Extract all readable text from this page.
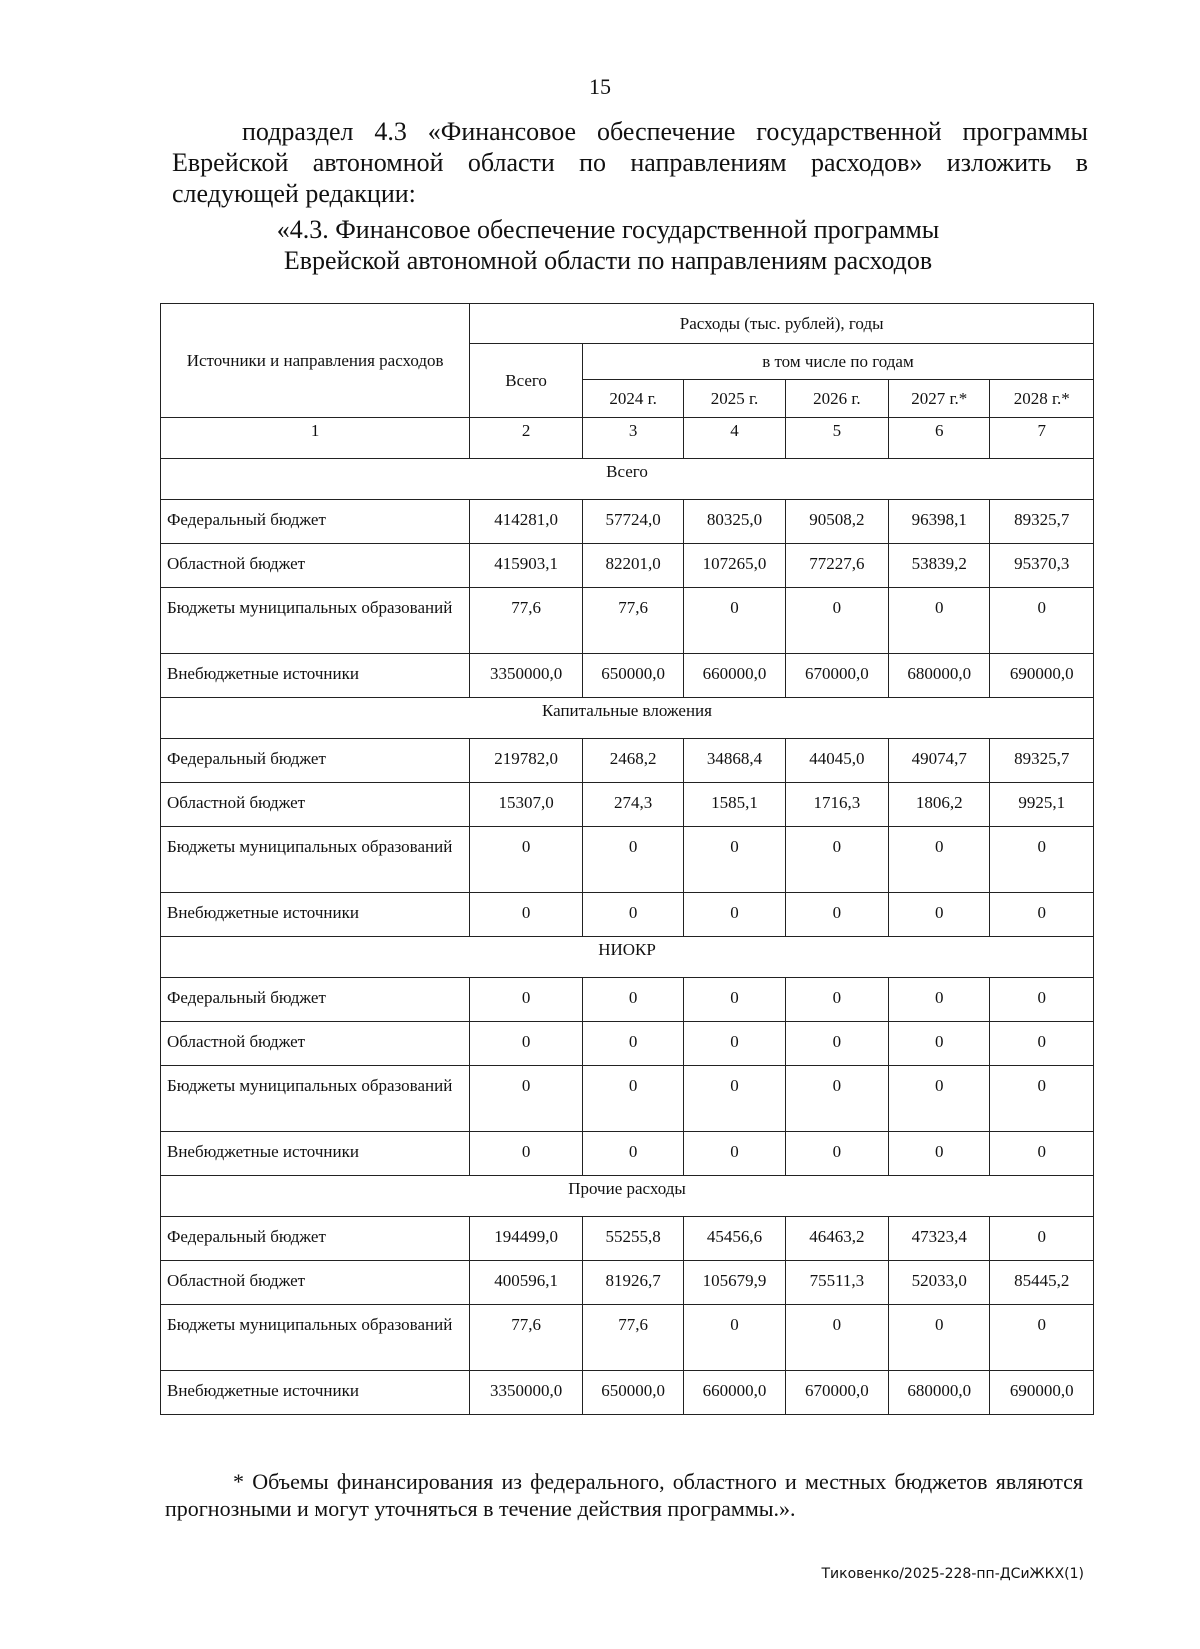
15
подраздел 4.3 «Финансовое обеспечение государственной программы Еврейской автономной области по направлениям расходов» изложить в следующей редакции:
«4.3. Финансовое обеспечение государственной программы
Еврейской автономной области по направлениям расходов
Источники и направления расходов	Расходы (тыс. рублей), годы					
	Всего	в том числе по годам				
		2024 г.	2025 г.	2026 г.	2027 г.*	2028 г.*
1	2	3	4	5	6	7
Всего						
Федеральный бюджет	414281,0	57724,0	80325,0	90508,2	96398,1	89325,7
Областной бюджет	415903,1	82201,0	107265,0	77227,6	53839,2	95370,3
Бюджеты муниципальных образований	77,6	77,6	0	0	0	0
Внебюджетные источники	3350000,0	650000,0	660000,0	670000,0	680000,0	690000,0
Капитальные вложения						
Федеральный бюджет	219782,0	2468,2	34868,4	44045,0	49074,7	89325,7
Областной бюджет	15307,0	274,3	1585,1	1716,3	1806,2	9925,1
Бюджеты муниципальных образований	0	0	0	0	0	0
Внебюджетные источники	0	0	0	0	0	0
НИОКР						
Федеральный бюджет	0	0	0	0	0	0
Областной бюджет	0	0	0	0	0	0
Бюджеты муниципальных образований	0	0	0	0	0	0
Внебюджетные источники	0	0	0	0	0	0
Прочие расходы						
Федеральный бюджет	194499,0	55255,8	45456,6	46463,2	47323,4	0
Областной бюджет	400596,1	81926,7	105679,9	75511,3	52033,0	85445,2
Бюджеты муниципальных образований	77,6	77,6	0	0	0	0
Внебюджетные источники	3350000,0	650000,0	660000,0	670000,0	680000,0	690000,0
* Объемы финансирования из федерального, областного и местных бюджетов являются прогнозными и могут уточняться в течение действия программы.».
Тиковенко/2025-228-пп-ДСиЖКХ(1)
